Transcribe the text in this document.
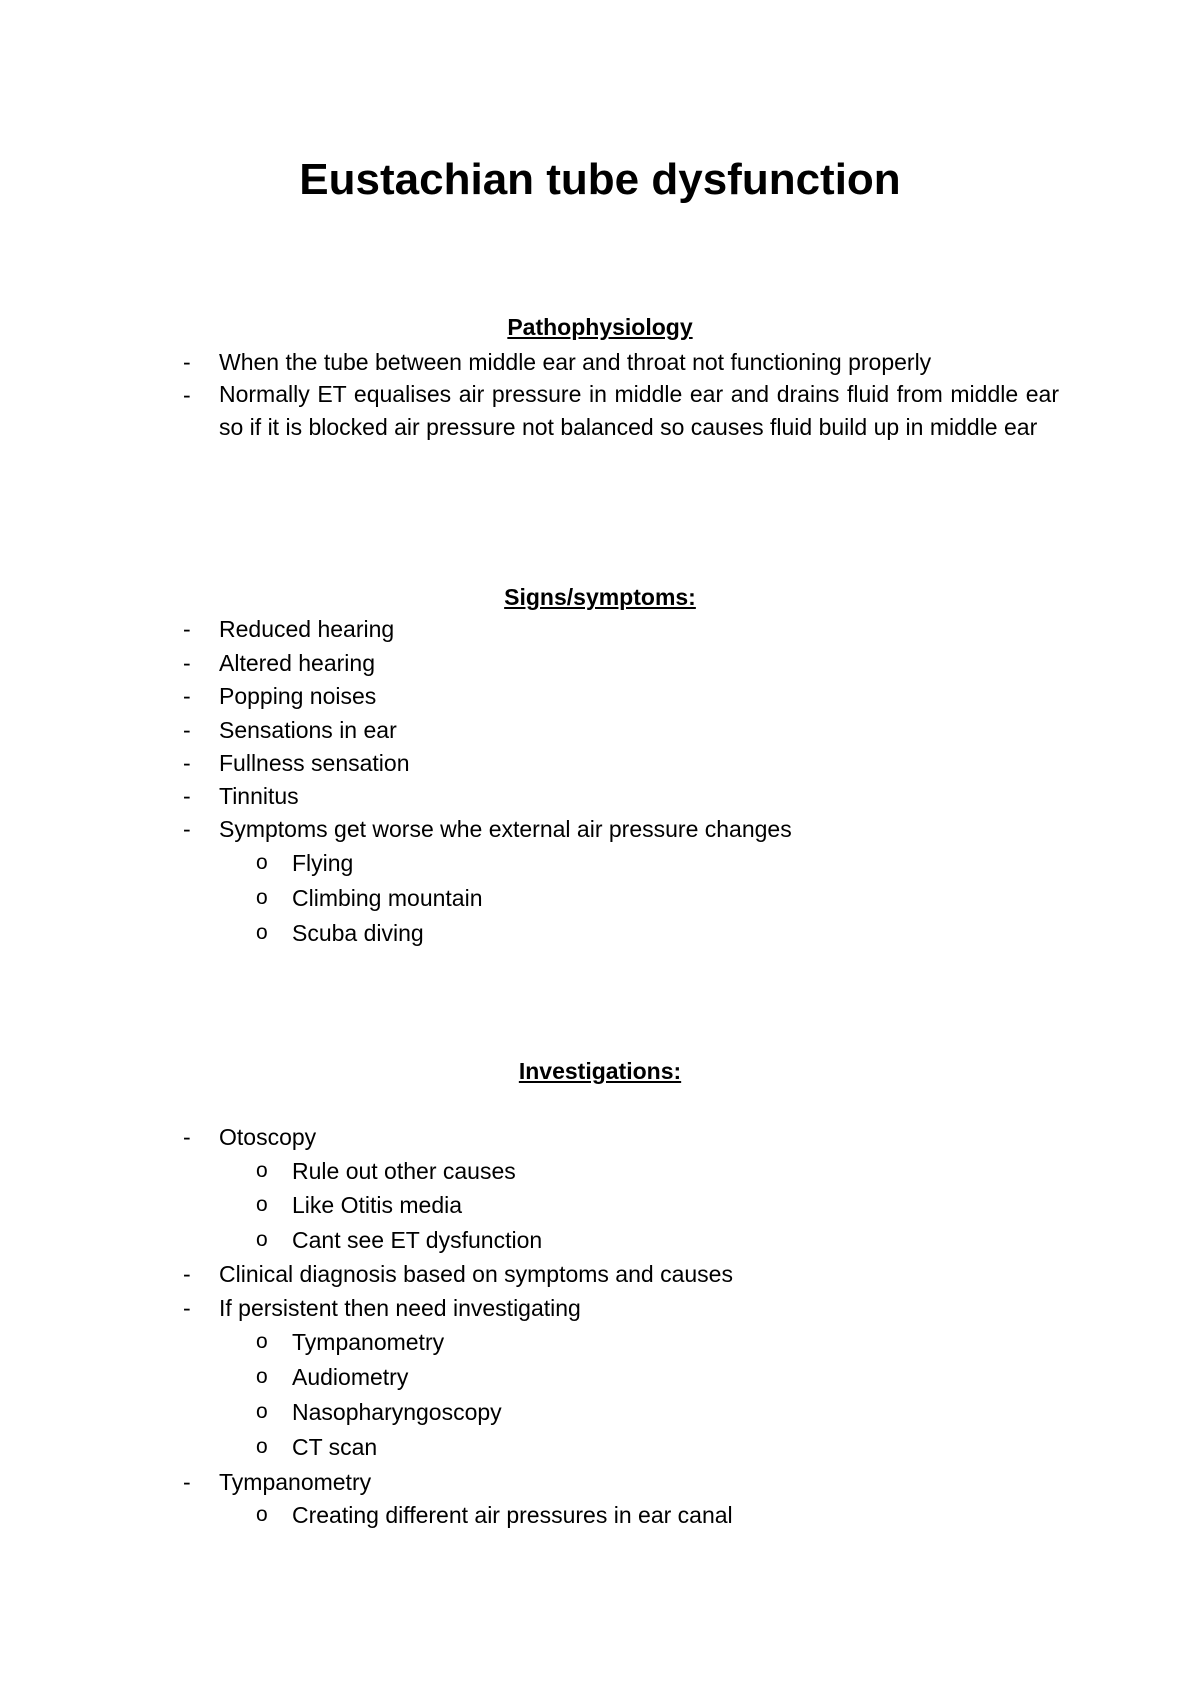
Eustachian tube dysfunction
Pathophysiology
- When the tube between middle ear and throat not functioning properly
- Normally ET equalises air pressure in middle ear and drains fluid from middle ear so if it is blocked air pressure not balanced so causes fluid build up in middle ear
Signs/symptoms:
- Reduced hearing
- Altered hearing
- Popping noises
- Sensations in ear
- Fullness sensation
- Tinnitus
- Symptoms get worse whe external air pressure changes
o Flying
o Climbing mountain
o Scuba diving
Investigations:
- Otoscopy
o Rule out other causes
o Like Otitis media
o Cant see ET dysfunction
- Clinical diagnosis based on symptoms and causes
- If persistent then need investigating
o Tympanometry
o Audiometry
o Nasopharyngoscopy
o CT scan
- Tympanometry
o Creating different air pressures in ear canal
